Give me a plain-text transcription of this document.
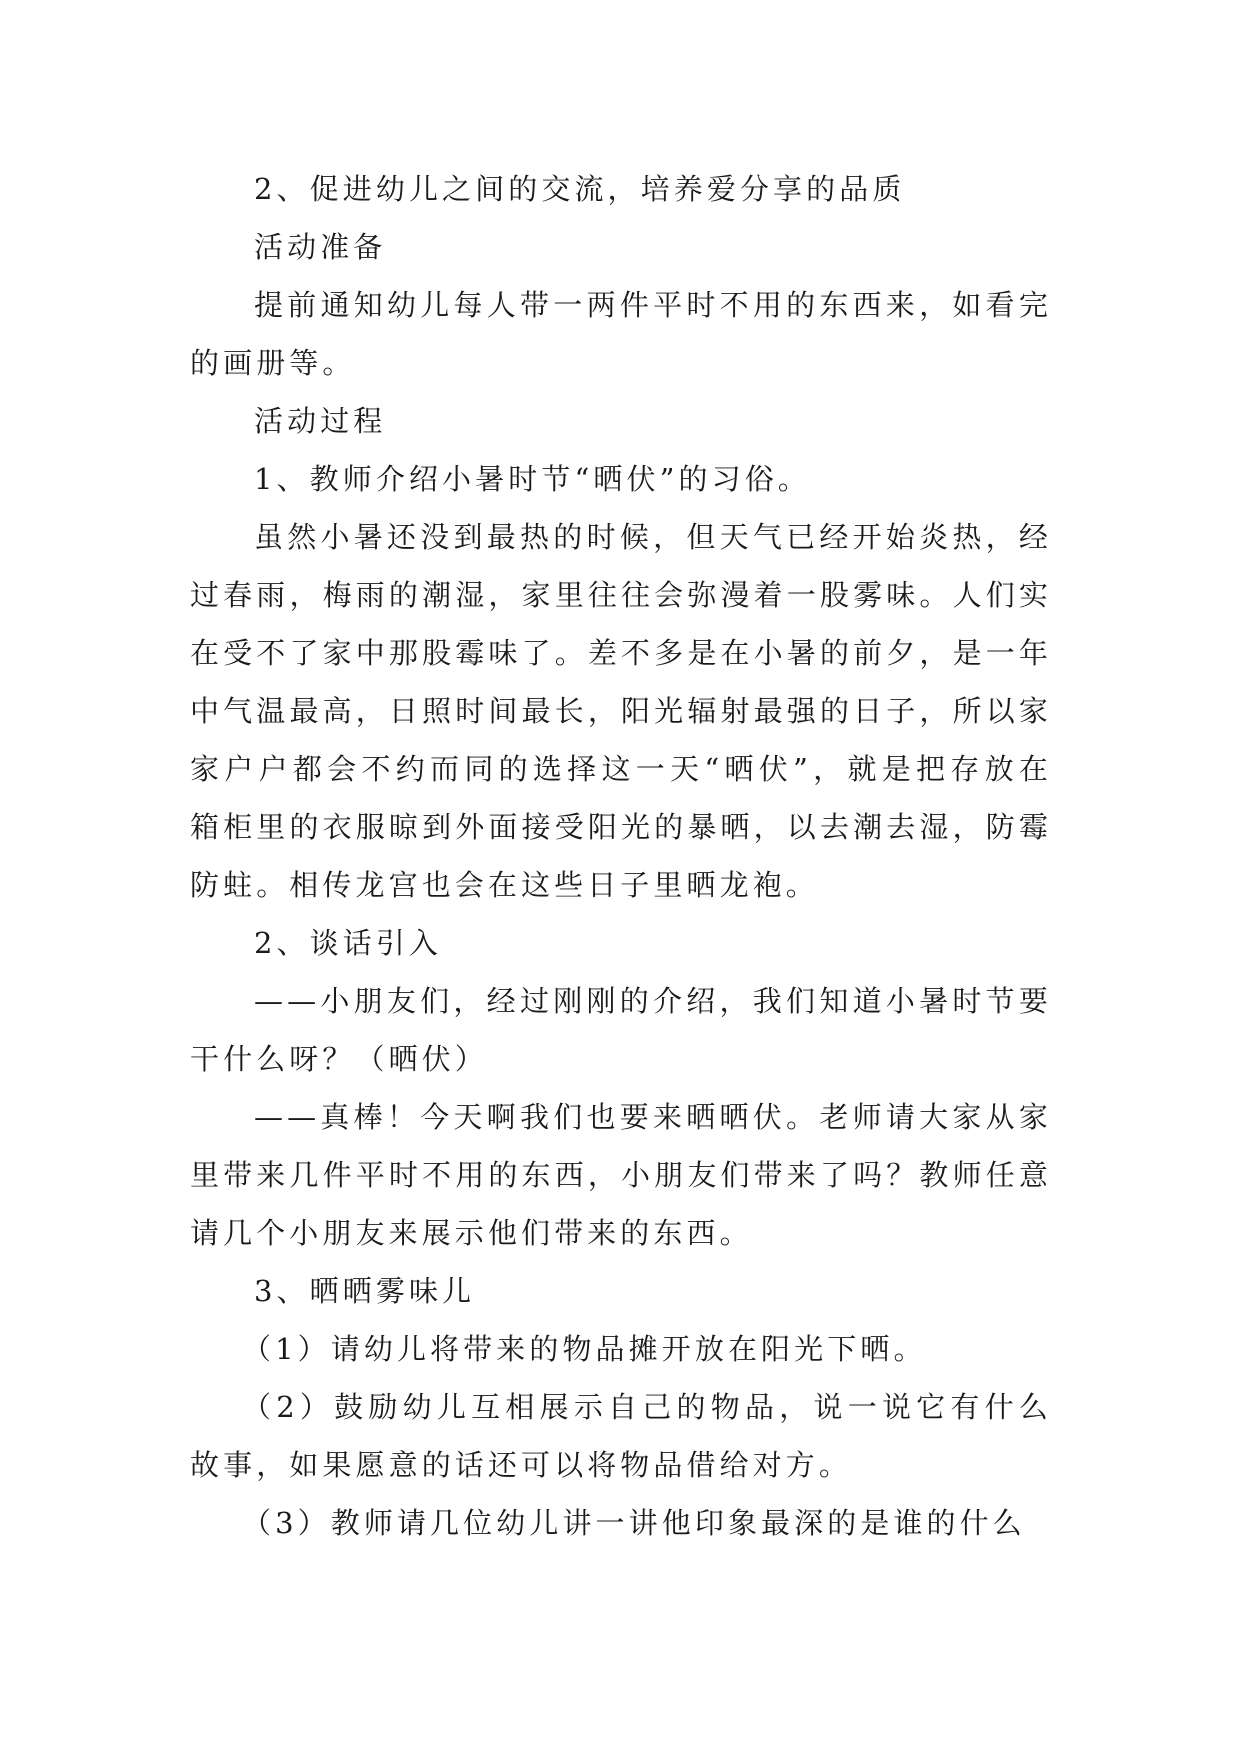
2、促进幼儿之间的交流，培养爱分享的品质

活动准备

提前通知幼儿每人带一两件平时不用的东西来，如看完的画册等。

活动过程

1、教师介绍小暑时节“晒伏”的习俗。

虽然小暑还没到最热的时候，但天气已经开始炎热，经过春雨，梅雨的潮湿，家里往往会弥漫着一股雾味。人们实在受不了家中那股霉味了。差不多是在小暑的前夕，是一年中气温最高，日照时间最长，阳光辐射最强的日子，所以家家户户都会不约而同的选择这一天“晒伏”，就是把存放在箱柜里的衣服晾到外面接受阳光的暴晒，以去潮去湿，防霉防蛀。相传龙宫也会在这些日子里晒龙袍。

2、谈话引入

——小朋友们，经过刚刚的介绍，我们知道小暑时节要干什么呀？（晒伏）

——真棒！今天啊我们也要来晒晒伏。老师请大家从家里带来几件平时不用的东西，小朋友们带来了吗？教师任意请几个小朋友来展示他们带来的东西。

3、晒晒雾味儿

（1）请幼儿将带来的物品摊开放在阳光下晒。

（2）鼓励幼儿互相展示自己的物品，说一说它有什么故事，如果愿意的话还可以将物品借给对方。

（3）教师请几位幼儿讲一讲他印象最深的是谁的什么
